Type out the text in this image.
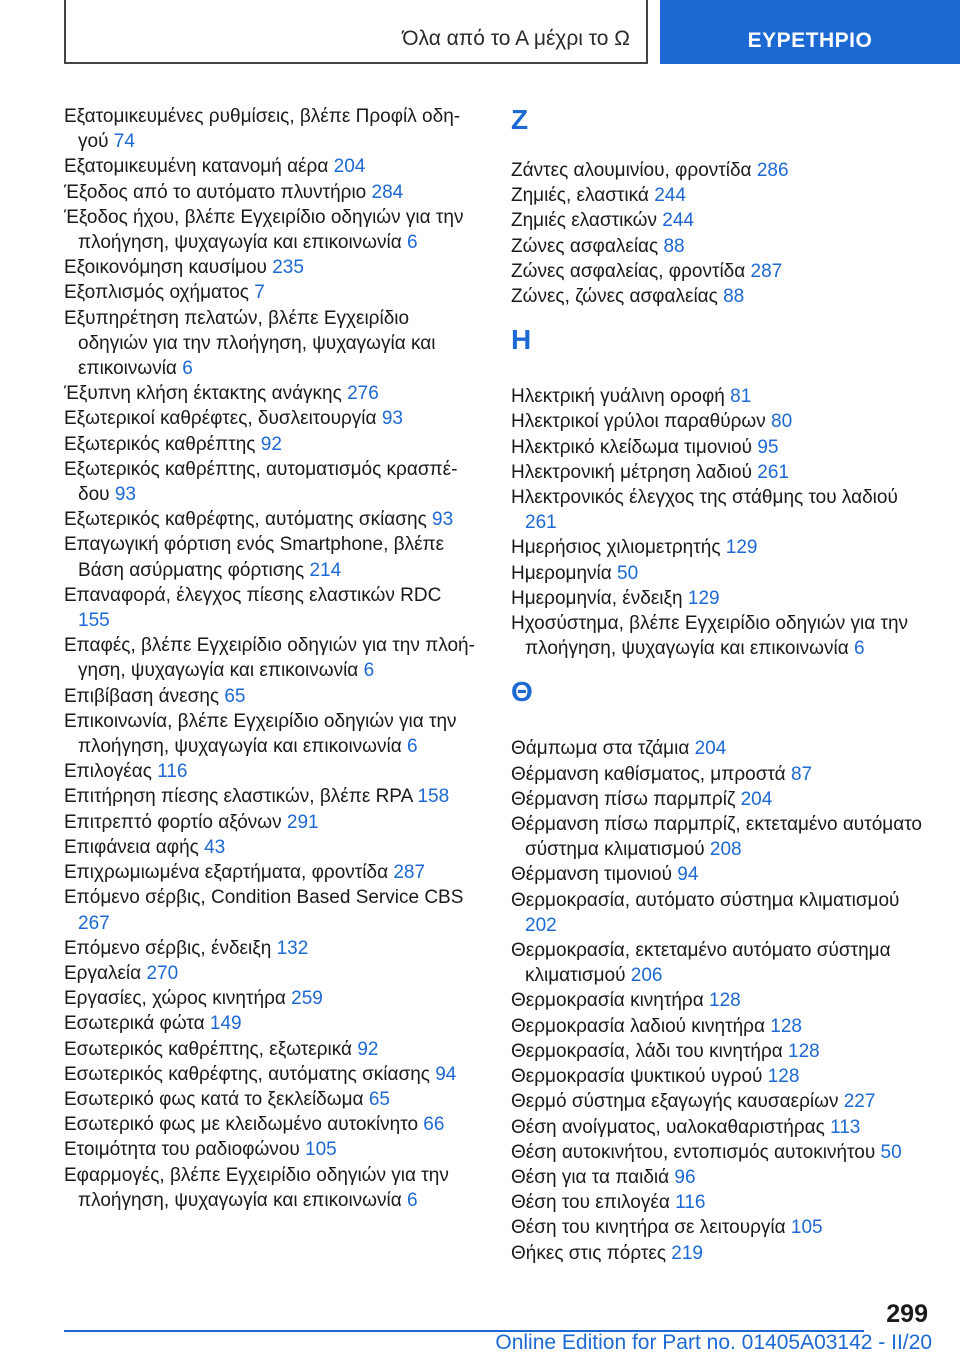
Όλα από το Α μέχρι το Ω	ΕΥΡΕΤΗΡΙΟ
Εξατομικευμένες ρυθμίσεις, βλέπε Προφίλ οδηγού 74
Εξατομικευμένη κατανομή αέρα 204
Έξοδος από το αυτόματο πλυντήριο 284
Έξοδος ήχου, βλέπε Εγχειρίδιο οδηγιών για την πλοήγηση, ψυχαγωγία και επικοινωνία 6
Εξοικονόμηση καυσίμου 235
Εξοπλισμός οχήματος 7
Εξυπηρέτηση πελατών, βλέπε Εγχειρίδιο οδηγιών για την πλοήγηση, ψυχαγωγία και επικοινωνία 6
Έξυπνη κλήση έκτακτης ανάγκης 276
Εξωτερικοί καθρέφτες, δυσλειτουργία 93
Εξωτερικός καθρέπτης 92
Εξωτερικός καθρέπτης, αυτοματισμός κρασπέδου 93
Εξωτερικός καθρέφτης, αυτόματης σκίασης 93
Επαγωγική φόρτιση ενός Smartphone, βλέπε Βάση ασύρματης φόρτισης 214
Επαναφορά, έλεγχος πίεσης ελαστικών RDC 155
Επαφές, βλέπε Εγχειρίδιο οδηγιών για την πλοήγηση, ψυχαγωγία και επικοινωνία 6
Επιβίβαση άνεσης 65
Επικοινωνία, βλέπε Εγχειρίδιο οδηγιών για την πλοήγηση, ψυχαγωγία και επικοινωνία 6
Επιλογέας 116
Επιτήρηση πίεσης ελαστικών, βλέπε RPA 158
Επιτρεπτό φορτίο αξόνων 291
Επιφάνεια αφής 43
Επιχρωμιωμένα εξαρτήματα, φροντίδα 287
Επόμενο σέρβις, Condition Based Service CBS 267
Επόμενο σέρβις, ένδειξη 132
Εργαλεία 270
Εργασίες, χώρος κινητήρα 259
Εσωτερικά φώτα 149
Εσωτερικός καθρέπτης, εξωτερικά 92
Εσωτερικός καθρέφτης, αυτόματης σκίασης 94
Εσωτερικό φως κατά το ξεκλείδωμα 65
Εσωτερικό φως με κλειδωμένο αυτοκίνητο 66
Ετοιμότητα του ραδιοφώνου 105
Εφαρμογές, βλέπε Εγχειρίδιο οδηγιών για την πλοήγηση, ψυχαγωγία και επικοινωνία 6
Z
Ζάντες αλουμινίου, φροντίδα 286
Ζημιές, ελαστικά 244
Ζημιές ελαστικών 244
Ζώνες ασφαλείας 88
Ζώνες ασφαλείας, φροντίδα 287
Ζώνες, ζώνες ασφαλείας 88
H
Ηλεκτρική γυάλινη οροφή 81
Ηλεκτρικοί γρύλοι παραθύρων 80
Ηλεκτρικό κλείδωμα τιμονιού 95
Ηλεκτρονική μέτρηση λαδιού 261
Ηλεκτρονικός έλεγχος της στάθμης του λαδιού 261
Ημερήσιος χιλιομετρητής 129
Ημερομηνία 50
Ημερομηνία, ένδειξη 129
Ηχοσύστημα, βλέπε Εγχειρίδιο οδηγιών για την πλοήγηση, ψυχαγωγία και επικοινωνία 6
Θ
Θάμπωμα στα τζάμια 204
Θέρμανση καθίσματος, μπροστά 87
Θέρμανση πίσω παρμπρίζ 204
Θέρμανση πίσω παρμπρίζ, εκτεταμένο αυτόματο σύστημα κλιματισμού 208
Θέρμανση τιμονιού 94
Θερμοκρασία, αυτόματο σύστημα κλιματισμού 202
Θερμοκρασία, εκτεταμένο αυτόματο σύστημα κλιματισμού 206
Θερμοκρασία κινητήρα 128
Θερμοκρασία λαδιού κινητήρα 128
Θερμοκρασία, λάδι του κινητήρα 128
Θερμοκρασία ψυκτικού υγρού 128
Θερμό σύστημα εξαγωγής καυσαερίων 227
Θέση ανοίγματος, υαλοκαθαριστήρας 113
Θέση αυτοκινήτου, εντοπισμός αυτοκινήτου 50
Θέση για τα παιδιά 96
Θέση του επιλογέα 116
Θέση του κινητήρα σε λειτουργία 105
Θήκες στις πόρτες 219
299
Online Edition for Part no. 01405A03142 - II/20
